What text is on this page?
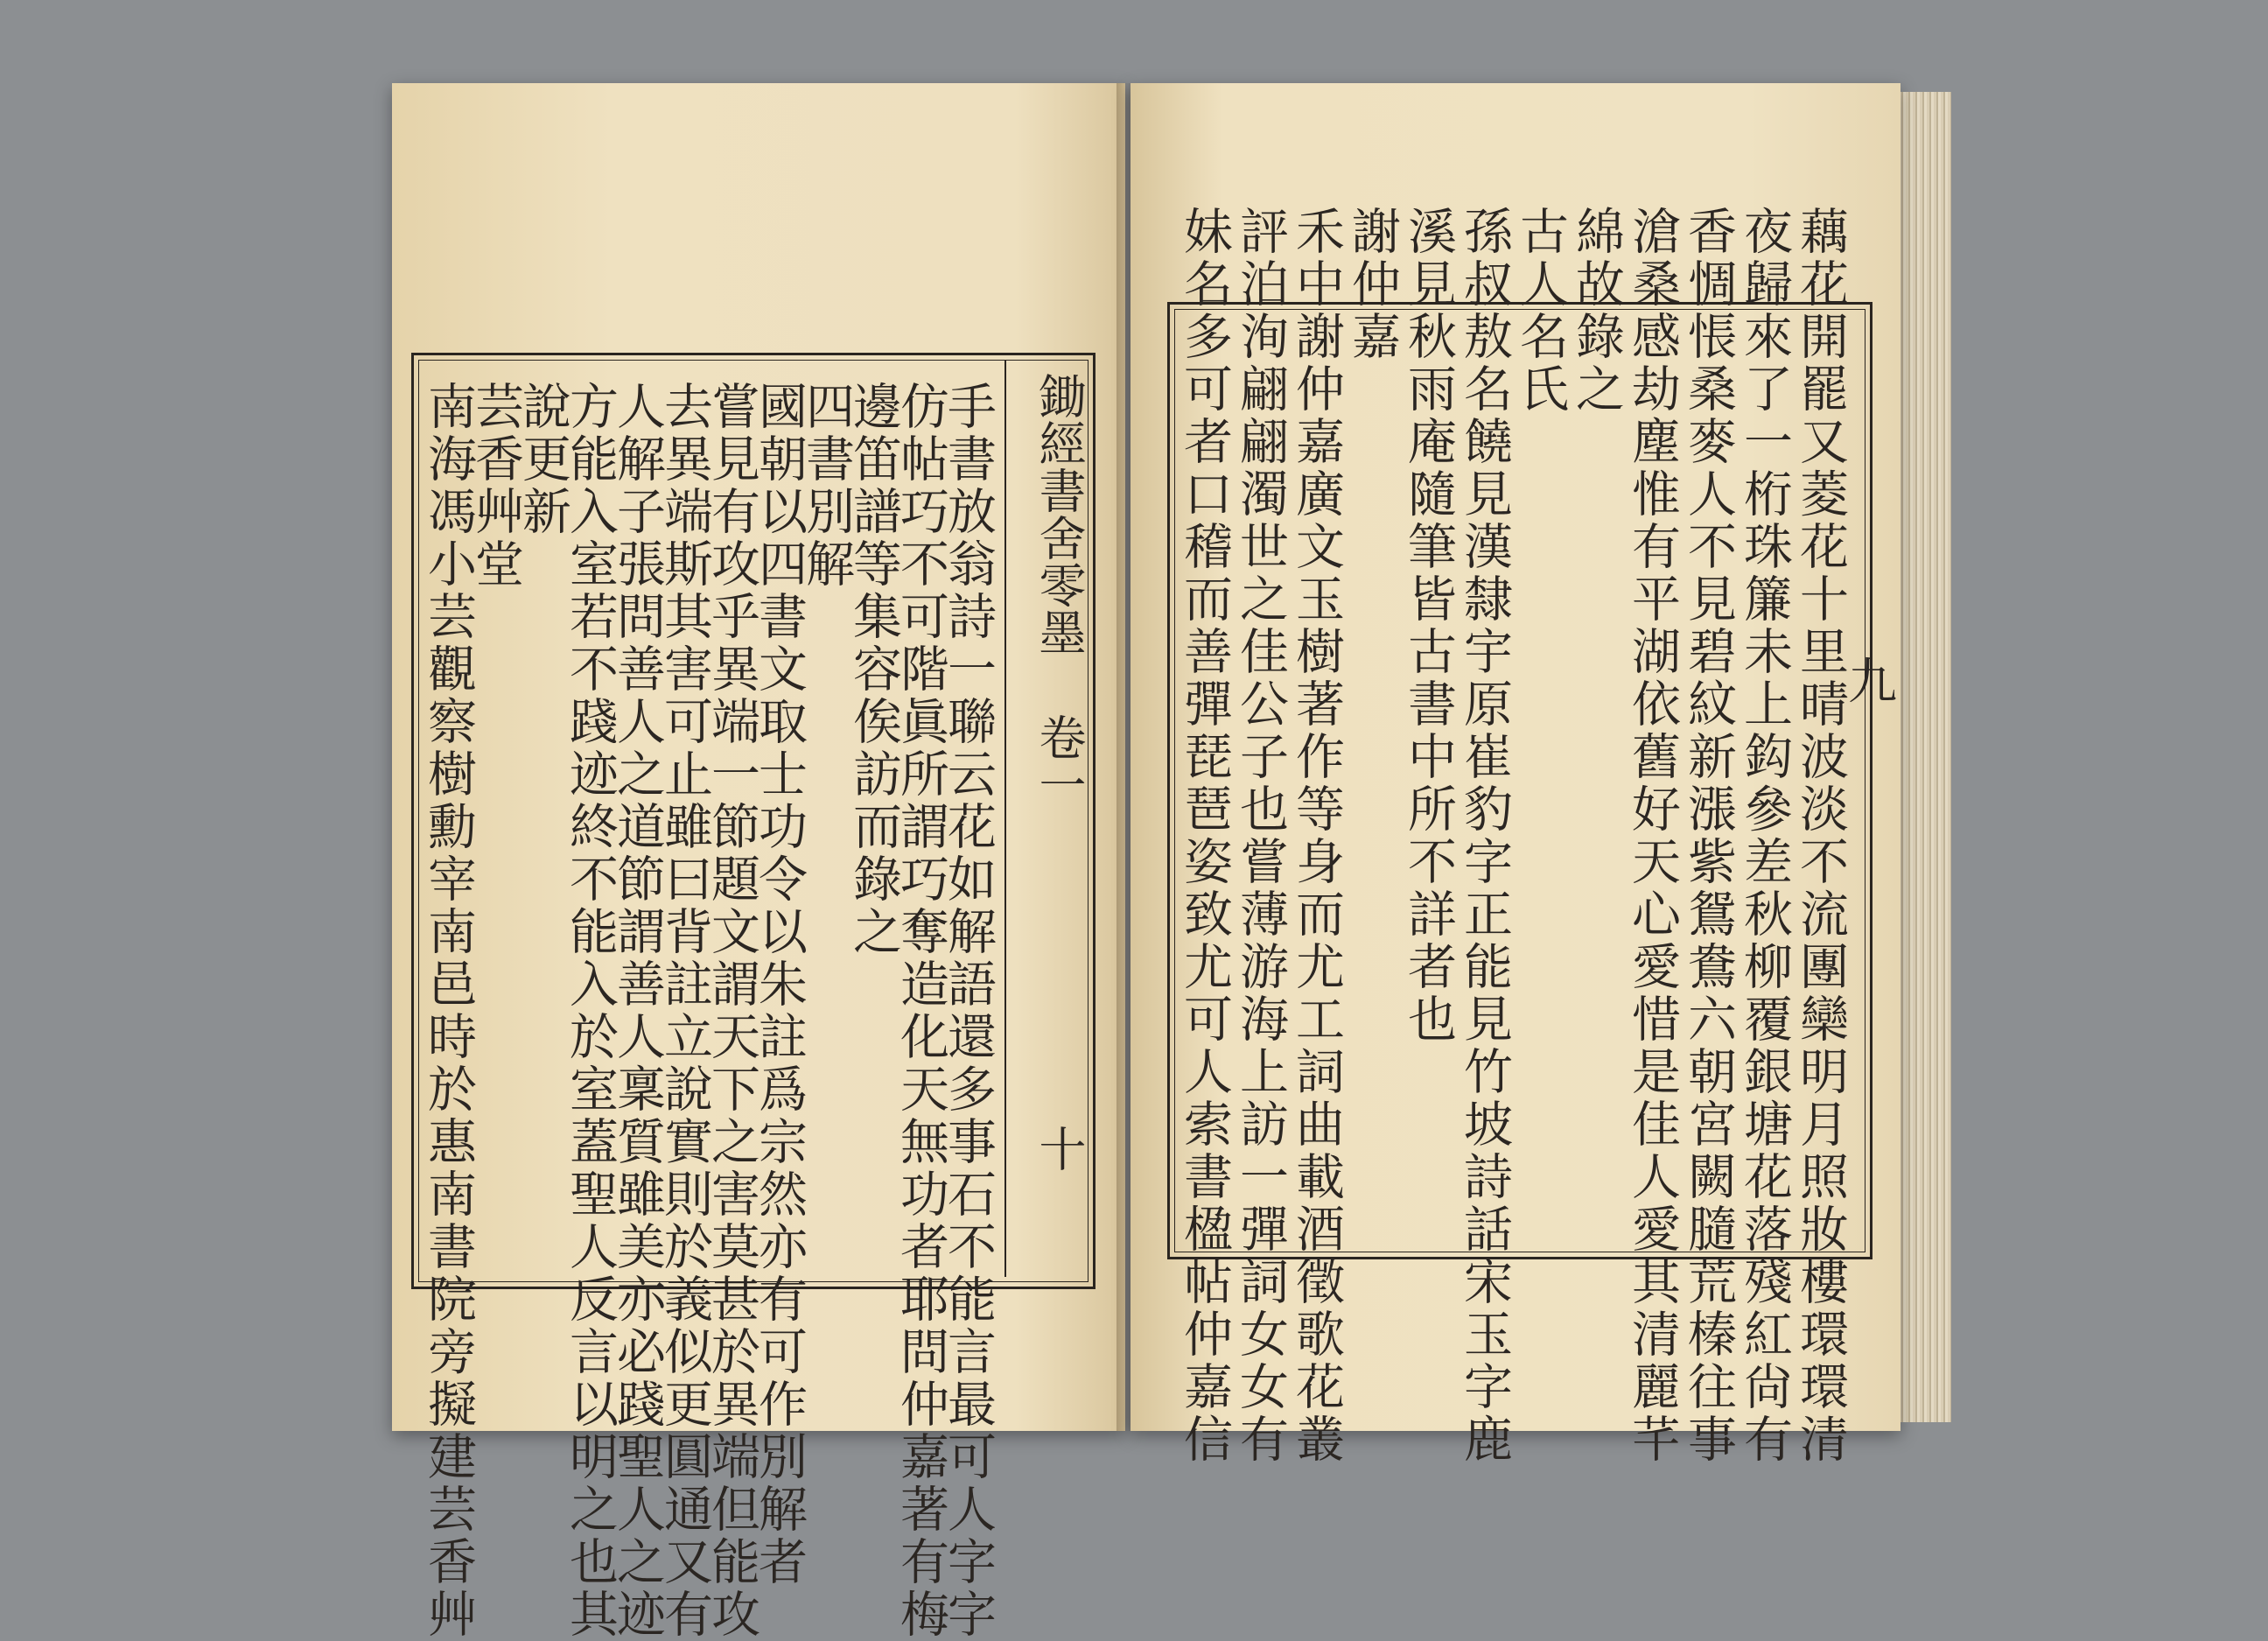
鋤經書舍零墨
卷一
十
手書放翁詩一聯云花如解語還多事石不能言最可人字字
仿帖巧不可階眞所謂巧奪造化天無功者耶問仲嘉著有梅
邊笛譜等集容俟訪而錄之
四書別解
國朝以四書文取士功令以朱註爲宗然亦有可作別解者
嘗見有攻乎異端一節題文謂天下之害莫甚於異端但能攻
去異端斯其害可止雖曰背註立說實則於義似更圓通又有
人解子張問善人之道節謂善人稟質雖美亦必踐聖人之迹
方能入室若不踐迹終不能入於室蓋聖人反言以明之也其
說更新
芸香艸堂
南海馮小芸觀察樹勳宰南邑時於惠南書院旁擬建芸香艸	九
藕花開罷又菱花十里晴波淡不流團欒明月照妝樓環環清
夜歸來了一桁珠簾未上鈎參差秋柳覆銀塘花落殘紅尙有
香惆悵桑麥人不見碧紋新漲紫鴛鴦六朝宮闕膸荒榛往事
滄桑感劫塵惟有平湖依舊好天心愛惜是佳人愛其清麗芊
綿故錄之
古人名氏
孫叔敖名饒見漢隸宇原崔豹字正能見竹坡詩話宋玉字鹿
溪見秋雨庵隨筆皆古書中所不詳者也
謝仲嘉
禾中謝仲嘉廣文玉樹著作等身而尤工詞曲載酒徵歌花叢
評泊洵翩翩濁世之佳公子也嘗薄游海上訪一彈詞女女有
妹名多可者口稽而善彈琵琶姿致尤可人索書楹帖仲嘉信
